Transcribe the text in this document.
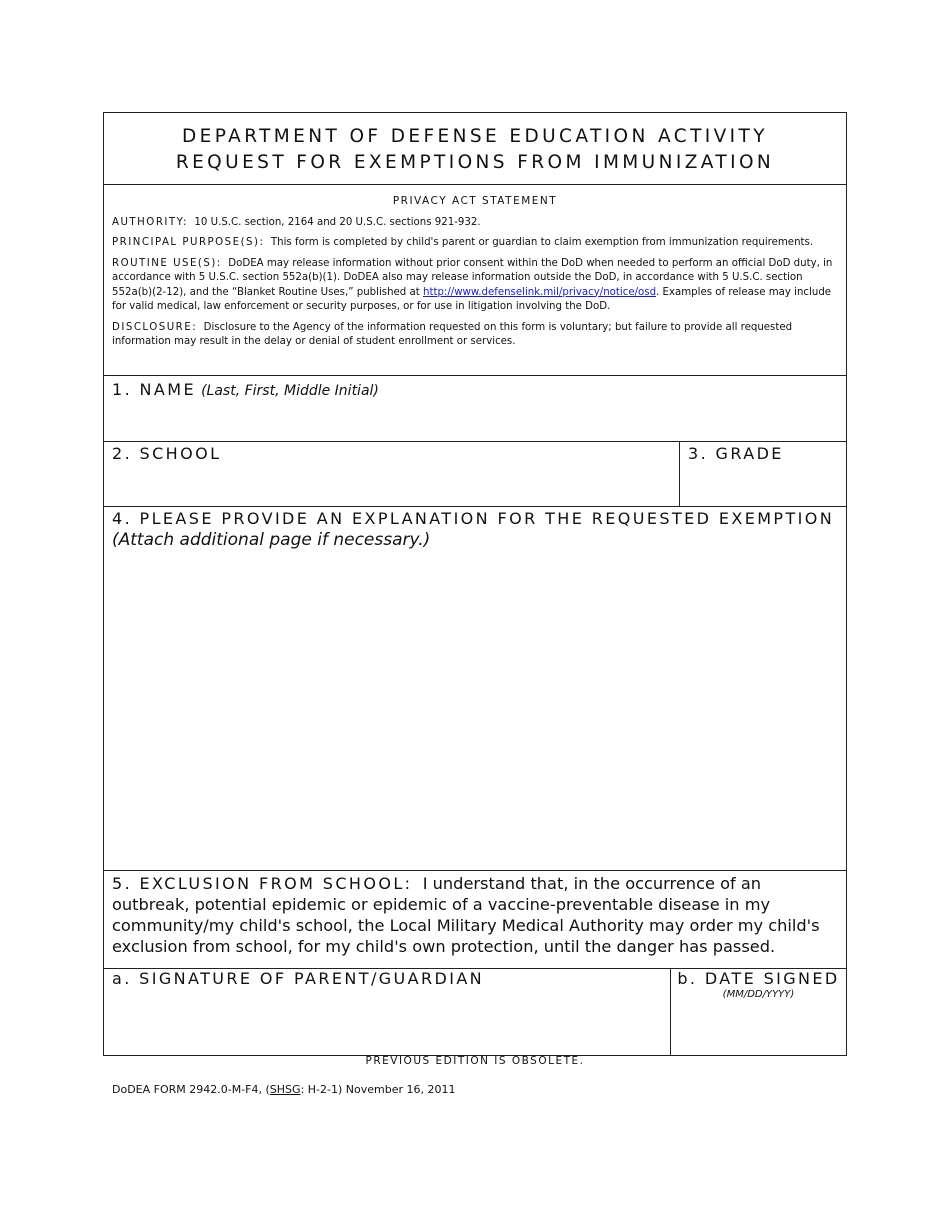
DEPARTMENT OF DEFENSE EDUCATION ACTIVITY
REQUEST FOR EXEMPTIONS FROM IMMUNIZATION
PRIVACY ACT STATEMENT

AUTHORITY: 10 U.S.C. section, 2164 and 20 U.S.C. sections 921-932.

PRINCIPAL PURPOSE(S): This form is completed by child's parent or guardian to claim exemption from immunization requirements.

ROUTINE USE(S): DoDEA may release information without prior consent within the DoD when needed to perform an official DoD duty, in accordance with 5 U.S.C. section 552a(b)(1). DoDEA also may release information outside the DoD, in accordance with 5 U.S.C. section 552a(b)(2-12), and the “Blanket Routine Uses,” published at http://www.defenselink.mil/privacy/notice/osd. Examples of release may include for valid medical, law enforcement or security purposes, or for use in litigation involving the DoD.

DISCLOSURE: Disclosure to the Agency of the information requested on this form is voluntary; but failure to provide all requested information may result in the delay or denial of student enrollment or services.

1. NAME (Last, First, Middle Initial)
2. SCHOOL	3. GRADE
4. PLEASE PROVIDE AN EXPLANATION FOR THE REQUESTED EXEMPTION
(Attach additional page if necessary.)
5. EXCLUSION FROM SCHOOL: I understand that, in the occurrence of an outbreak, potential epidemic or epidemic of a vaccine-preventable disease in my community/my child's school, the Local Military Medical Authority may order my child's exclusion from school, for my child's own protection, until the danger has passed.
a. SIGNATURE OF PARENT/GUARDIAN	b. DATE SIGNED
(MM/DD/YYYY)
PREVIOUS EDITION IS OBSOLETE.
DoDEA FORM 2942.0-M-F4, (SHSG: H-2-1) November 16, 2011
